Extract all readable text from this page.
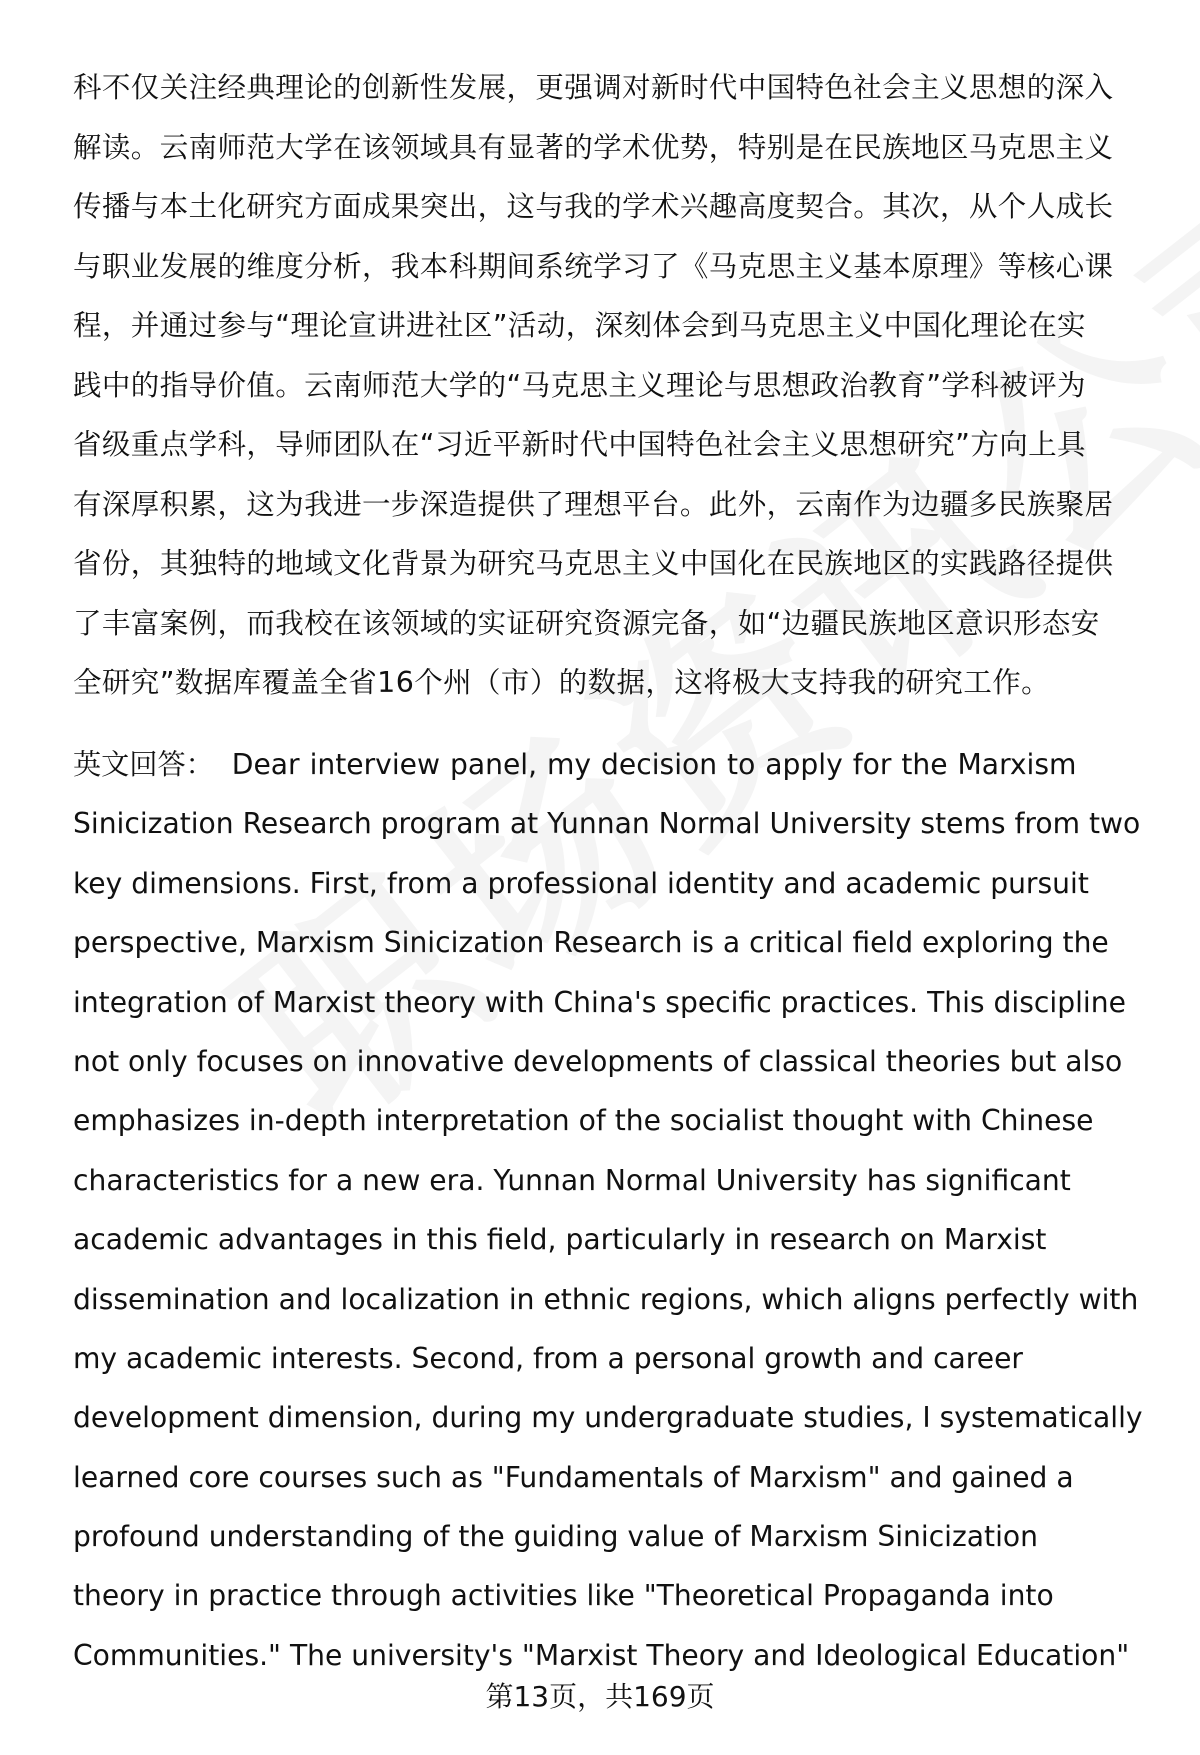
科不仅关注经典理论的创新性发展，更强调对新时代中国特色社会主义思想的深入
解读。云南师范大学在该领域具有显著的学术优势，特别是在民族地区马克思主义
传播与本土化研究方面成果突出，这与我的学术兴趣高度契合。其次，从个人成长
与职业发展的维度分析，我本科期间系统学习了《马克思主义基本原理》等核心课
程，并通过参与“理论宣讲进社区”活动，深刻体会到马克思主义中国化理论在实
践中的指导价值。云南师范大学的“马克思主义理论与思想政治教育”学科被评为
省级重点学科，导师团队在“习近平新时代中国特色社会主义思想研究”方向上具
有深厚积累，这为我进一步深造提供了理想平台。此外，云南作为边疆多民族聚居
省份，其独特的地域文化背景为研究马克思主义中国化在民族地区的实践路径提供
了丰富案例，而我校在该领域的实证研究资源完备，如“边疆民族地区意识形态安
全研究”数据库覆盖全省16个州（市）的数据，这将极大支持我的研究工作。
英文回答： Dear interview panel, my decision to apply for the Marxism
Sinicization Research program at Yunnan Normal University stems from two
key dimensions. First, from a professional identity and academic pursuit
perspective, Marxism Sinicization Research is a critical field exploring the
integration of Marxist theory with China's specific practices. This discipline
not only focuses on innovative developments of classical theories but also
emphasizes in-depth interpretation of the socialist thought with Chinese
characteristics for a new era. Yunnan Normal University has significant
academic advantages in this field, particularly in research on Marxist
dissemination and localization in ethnic regions, which aligns perfectly with
my academic interests. Second, from a personal growth and career
development dimension, during my undergraduate studies, I systematically
learned core courses such as "Fundamentals of Marxism" and gained a
profound understanding of the guiding value of Marxism Sinicization
theory in practice through activities like "Theoretical Propaganda into
Communities." The university's "Marxist Theory and Ideological Education"
第13页，共169页
